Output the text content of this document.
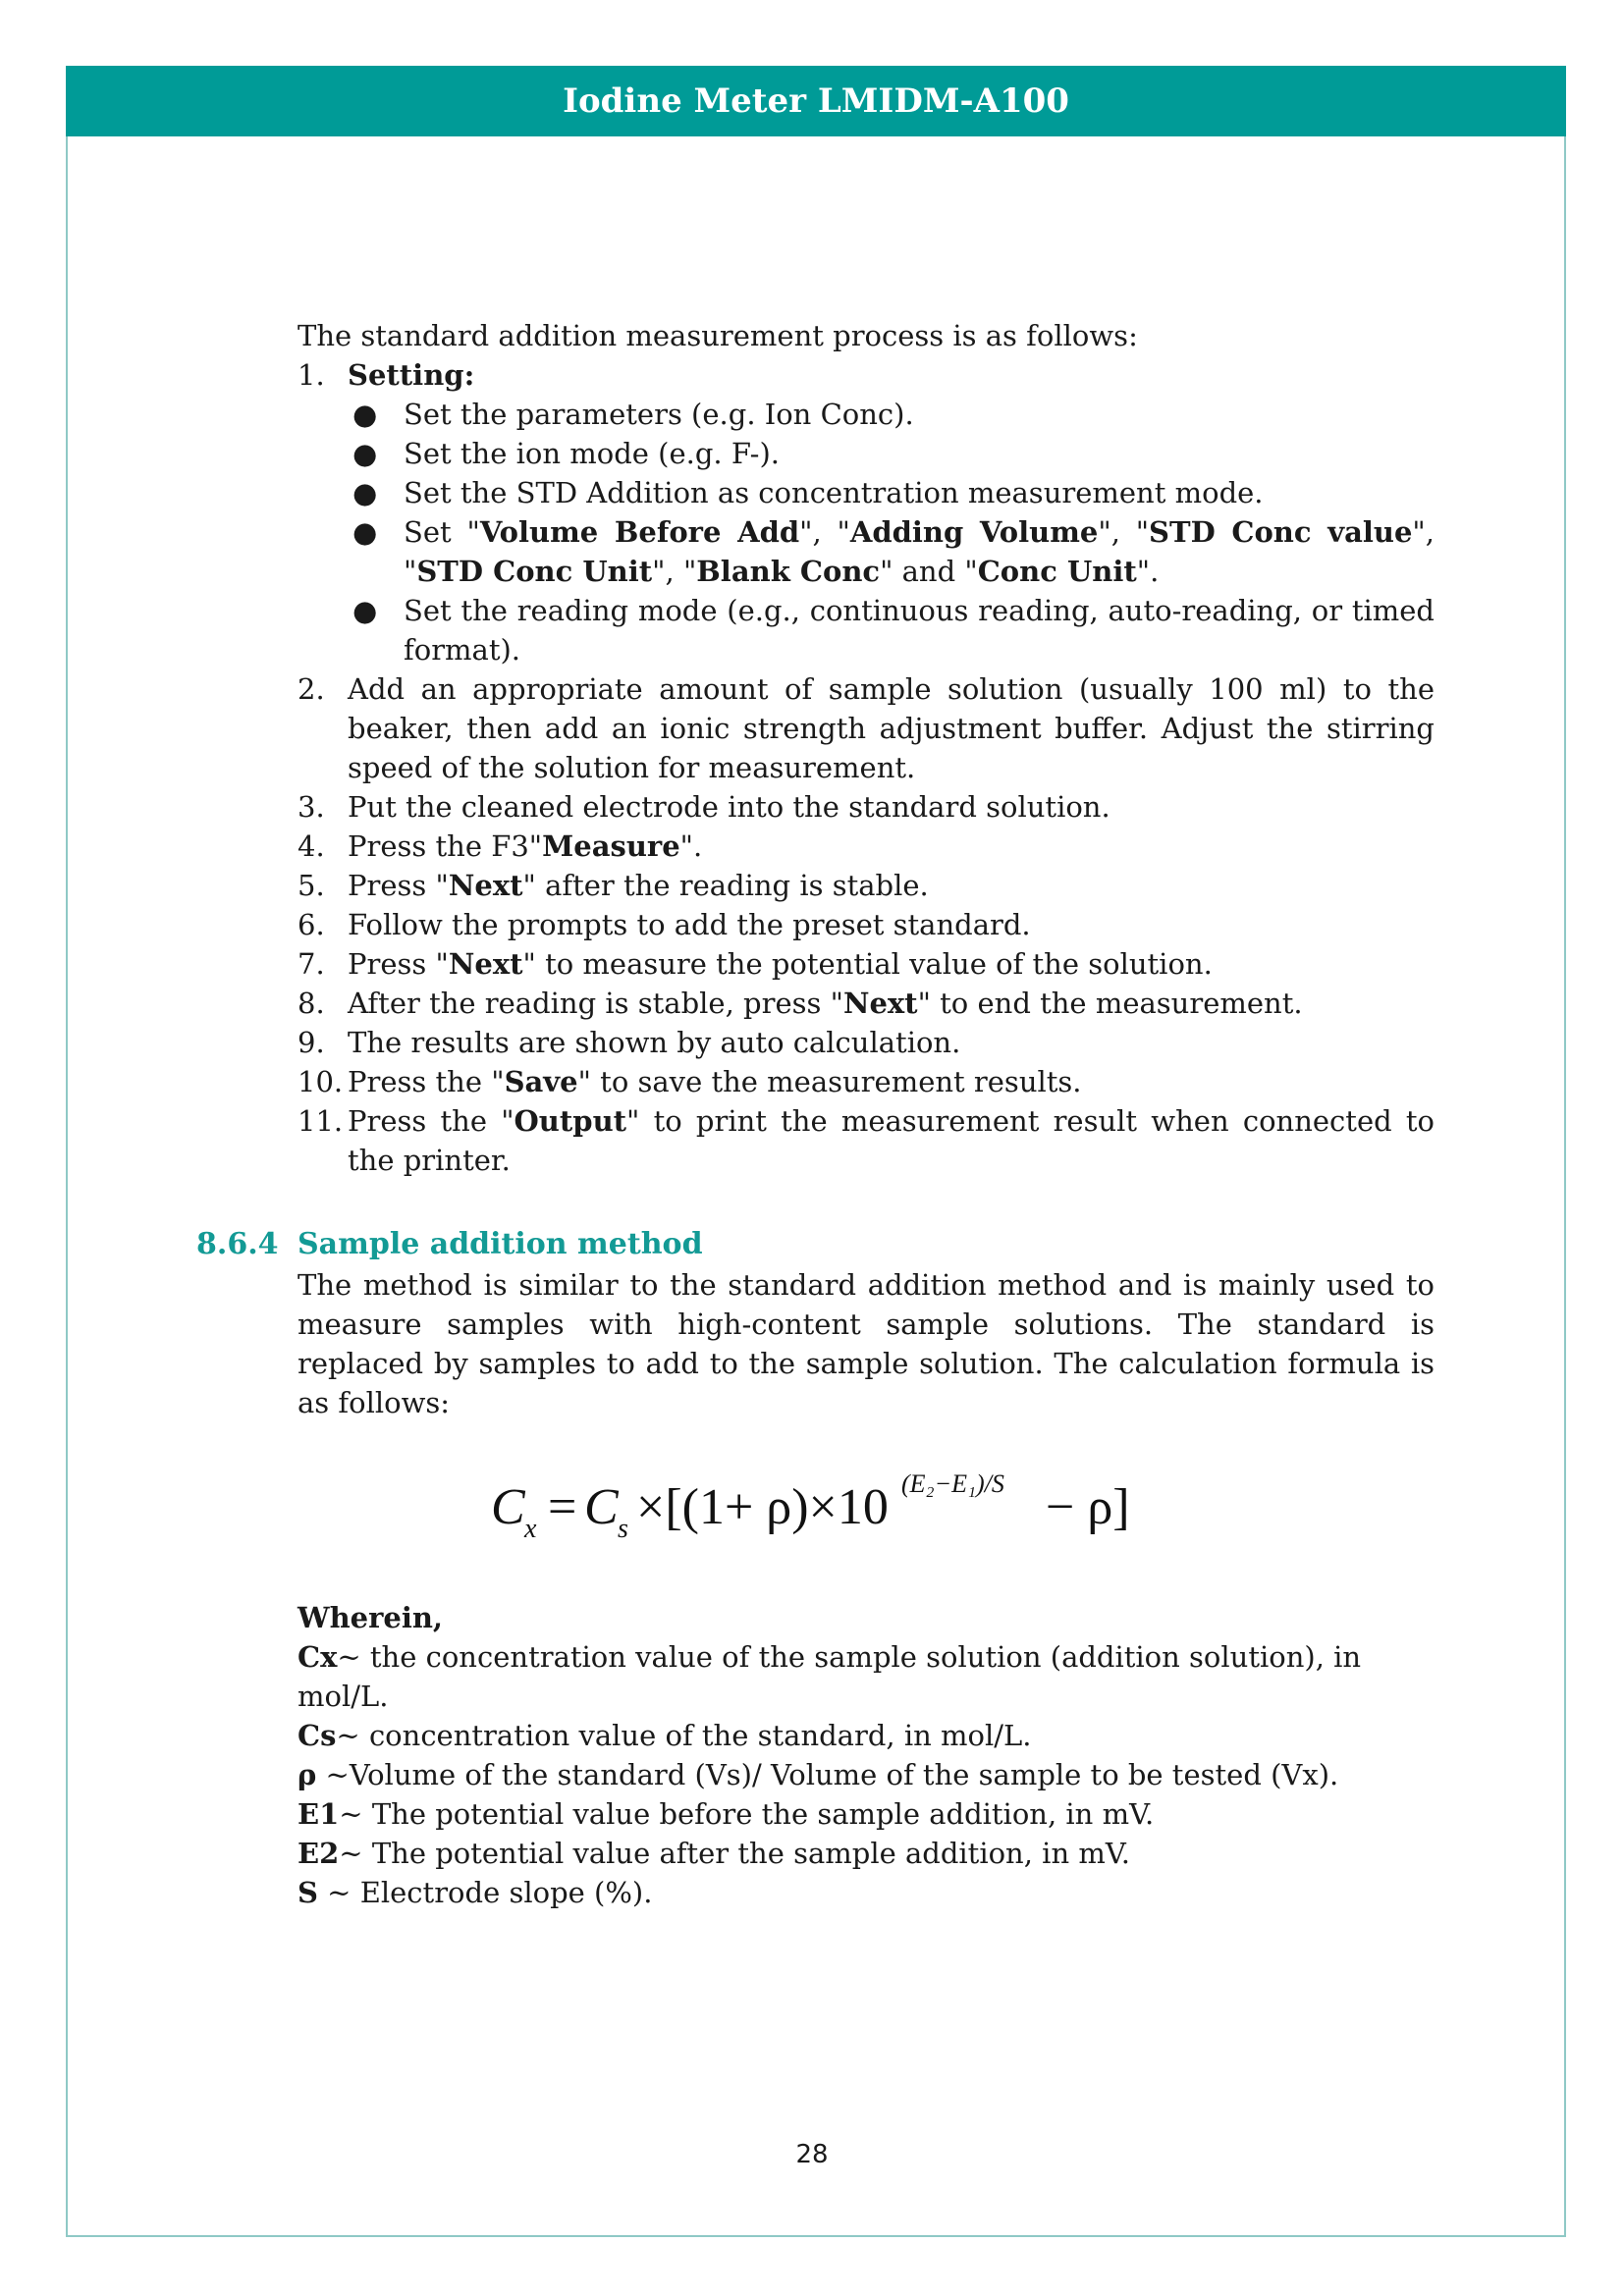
Iodine Meter LMIDM-A100

The standard addition measurement process is as follows:

1. Setting:
● Set the parameters (e.g. Ion Conc).
● Set the ion mode (e.g. F-).
● Set the STD Addition as concentration measurement mode.
● Set "Volume Before Add", "Adding Volume", "STD Conc value", "STD Conc Unit", "Blank Conc" and "Conc Unit".
● Set the reading mode (e.g., continuous reading, auto-reading, or timed format).
2. Add an appropriate amount of sample solution (usually 100 ml) to the beaker, then add an ionic strength adjustment buffer. Adjust the stirring speed of the solution for measurement.
3. Put the cleaned electrode into the standard solution.
4. Press the F3"Measure".
5. Press "Next" after the reading is stable.
6. Follow the prompts to add the preset standard.
7. Press "Next" to measure the potential value of the solution.
8. After the reading is stable, press "Next" to end the measurement.
9. The results are shown by auto calculation.
10. Press the "Save" to save the measurement results.
11. Press the "Output" to print the measurement result when connected to the printer.
8.6.4 Sample addition method

The method is similar to the standard addition method and is mainly used to measure samples with high-content sample solutions. The standard is replaced by samples to add to the sample solution. The calculation formula is as follows:

C x = C s ×[(1+ ρ)×10 (E₂−E₁)/S − ρ]

Wherein,

Cx~ the concentration value of the sample solution (addition solution), in

mol/L.

Cs~ concentration value of the standard, in mol/L.

ρ ~Volume of the standard (Vs)/ Volume of the sample to be tested (Vx).

E1~ The potential value before the sample addition, in mV.

E2~ The potential value after the sample addition, in mV.

S ~ Electrode slope (%).

28
